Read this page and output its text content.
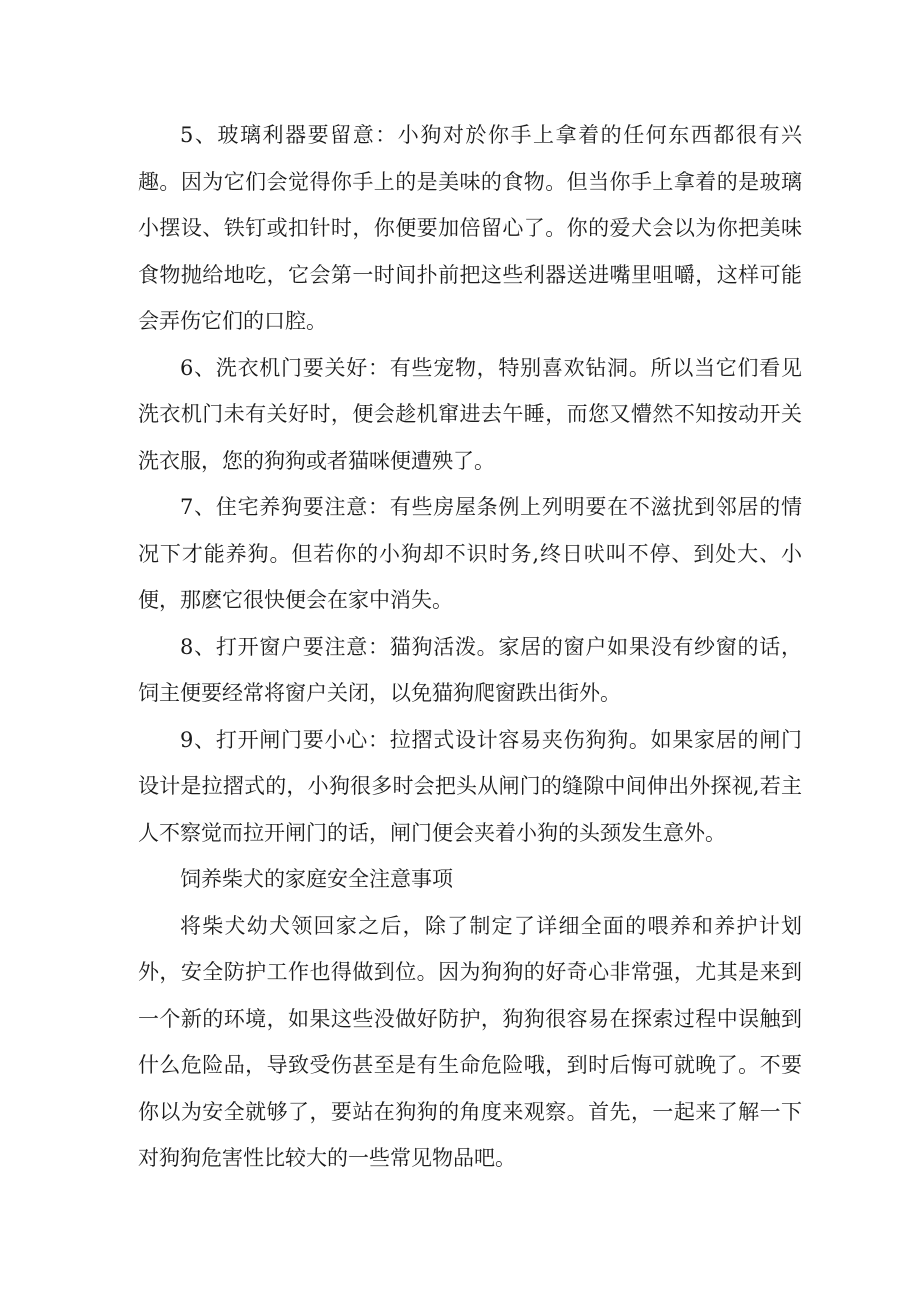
5、玻璃利器要留意：小狗对於你手上拿着的任何东西都很有兴趣。因为它们会觉得你手上的是美味的食物。但当你手上拿着的是玻璃小摆设、铁钉或扣针时，你便要加倍留心了。你的爱犬会以为你把美味食物抛给地吃，它会第一时间扑前把这些利器送进嘴里咀嚼，这样可能会弄伤它们的口腔。

6、洗衣机门要关好：有些宠物，特别喜欢钻洞。所以当它们看见洗衣机门未有关好时，便会趁机窜进去午睡，而您又懵然不知按动开关洗衣服，您的狗狗或者猫咪便遭殃了。

7、住宅养狗要注意：有些房屋条例上列明要在不滋扰到邻居的情况下才能养狗。但若你的小狗却不识时务,终日吠叫不停、到处大、小便，那麽它很快便会在家中消失。

8、打开窗户要注意：猫狗活泼。家居的窗户如果没有纱窗的话，饲主便要经常将窗户关闭，以免猫狗爬窗跌出街外。

9、打开闸门要小心：拉摺式设计容易夹伤狗狗。如果家居的闸门设计是拉摺式的，小狗很多时会把头从闸门的缝隙中间伸出外探视,若主人不察觉而拉开闸门的话，闸门便会夹着小狗的头颈发生意外。

饲养柴犬的家庭安全注意事项

将柴犬幼犬领回家之后，除了制定了详细全面的喂养和养护计划外，安全防护工作也得做到位。因为狗狗的好奇心非常强，尤其是来到一个新的环境，如果这些没做好防护，狗狗很容易在探索过程中误触到什么危险品，导致受伤甚至是有生命危险哦，到时后悔可就晚了。不要你以为安全就够了，要站在狗狗的角度来观察。首先，一起来了解一下对狗狗危害性比较大的一些常见物品吧。
